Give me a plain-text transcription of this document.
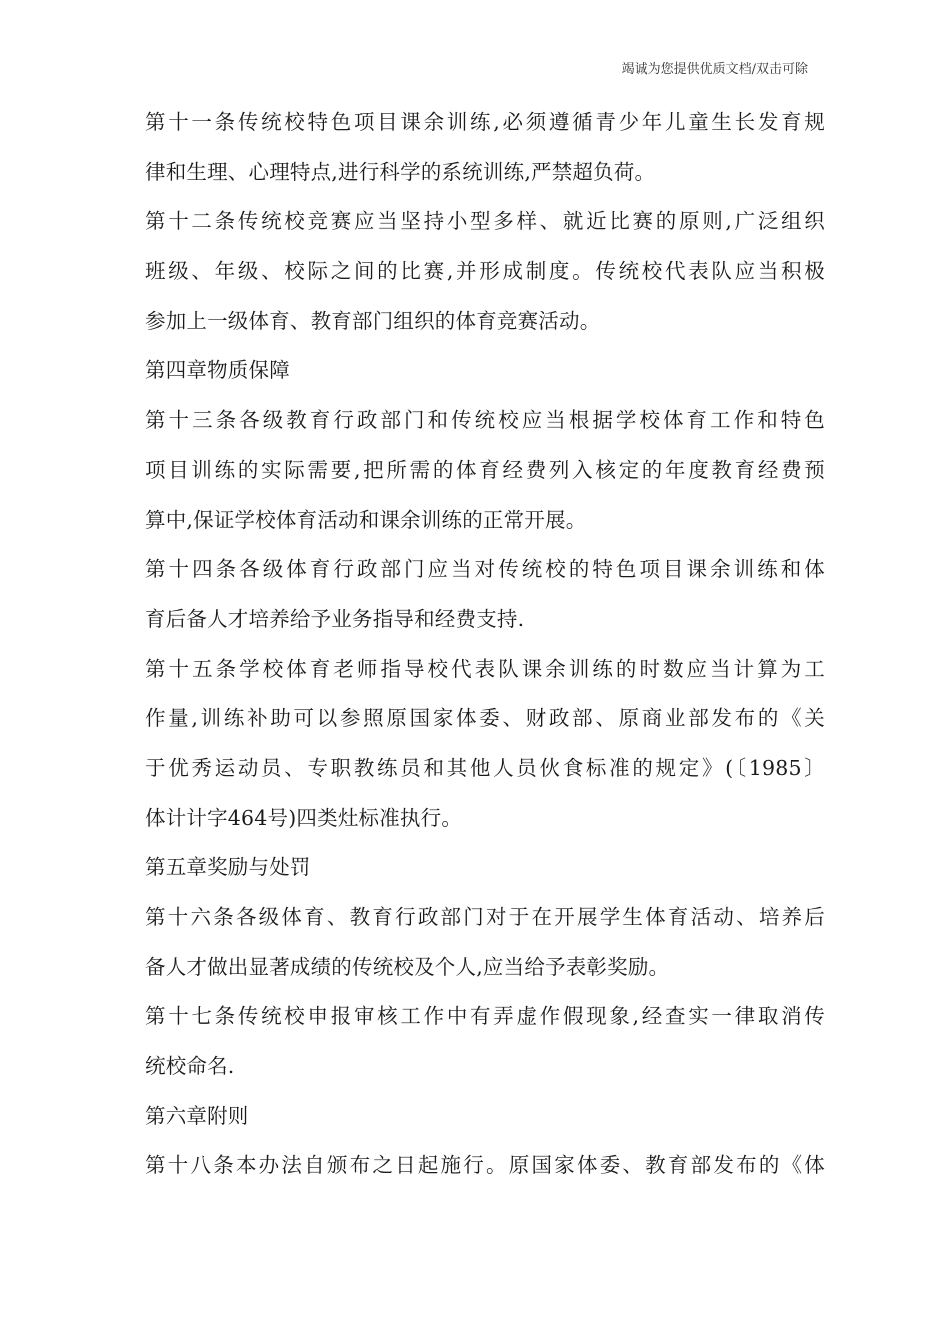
竭诚为您提供优质文档/双击可除
第十一条传统校特色项目课余训练,必须遵循青少年儿童生长发育规
律和生理、心理特点,进行科学的系统训练,严禁超负荷。
第十二条传统校竞赛应当坚持小型多样、就近比赛的原则,广泛组织
班级、年级、校际之间的比赛,并形成制度。传统校代表队应当积极
参加上一级体育、教育部门组织的体育竞赛活动。
第四章物质保障
第十三条各级教育行政部门和传统校应当根据学校体育工作和特色
项目训练的实际需要,把所需的体育经费列入核定的年度教育经费预
算中,保证学校体育活动和课余训练的正常开展。
第十四条各级体育行政部门应当对传统校的特色项目课余训练和体
育后备人才培养给予业务指导和经费支持.
第十五条学校体育老师指导校代表队课余训练的时数应当计算为工
作量,训练补助可以参照原国家体委、财政部、原商业部发布的《关
于优秀运动员、专职教练员和其他人员伙食标准的规定》(〔1985〕
体计计字464号)四类灶标准执行。
第五章奖励与处罚
第十六条各级体育、教育行政部门对于在开展学生体育活动、培养后
备人才做出显著成绩的传统校及个人,应当给予表彰奖励。
第十七条传统校申报审核工作中有弄虚作假现象,经查实一律取消传
统校命名.
第六章附则
第十八条本办法自颁布之日起施行。原国家体委、教育部发布的《体
